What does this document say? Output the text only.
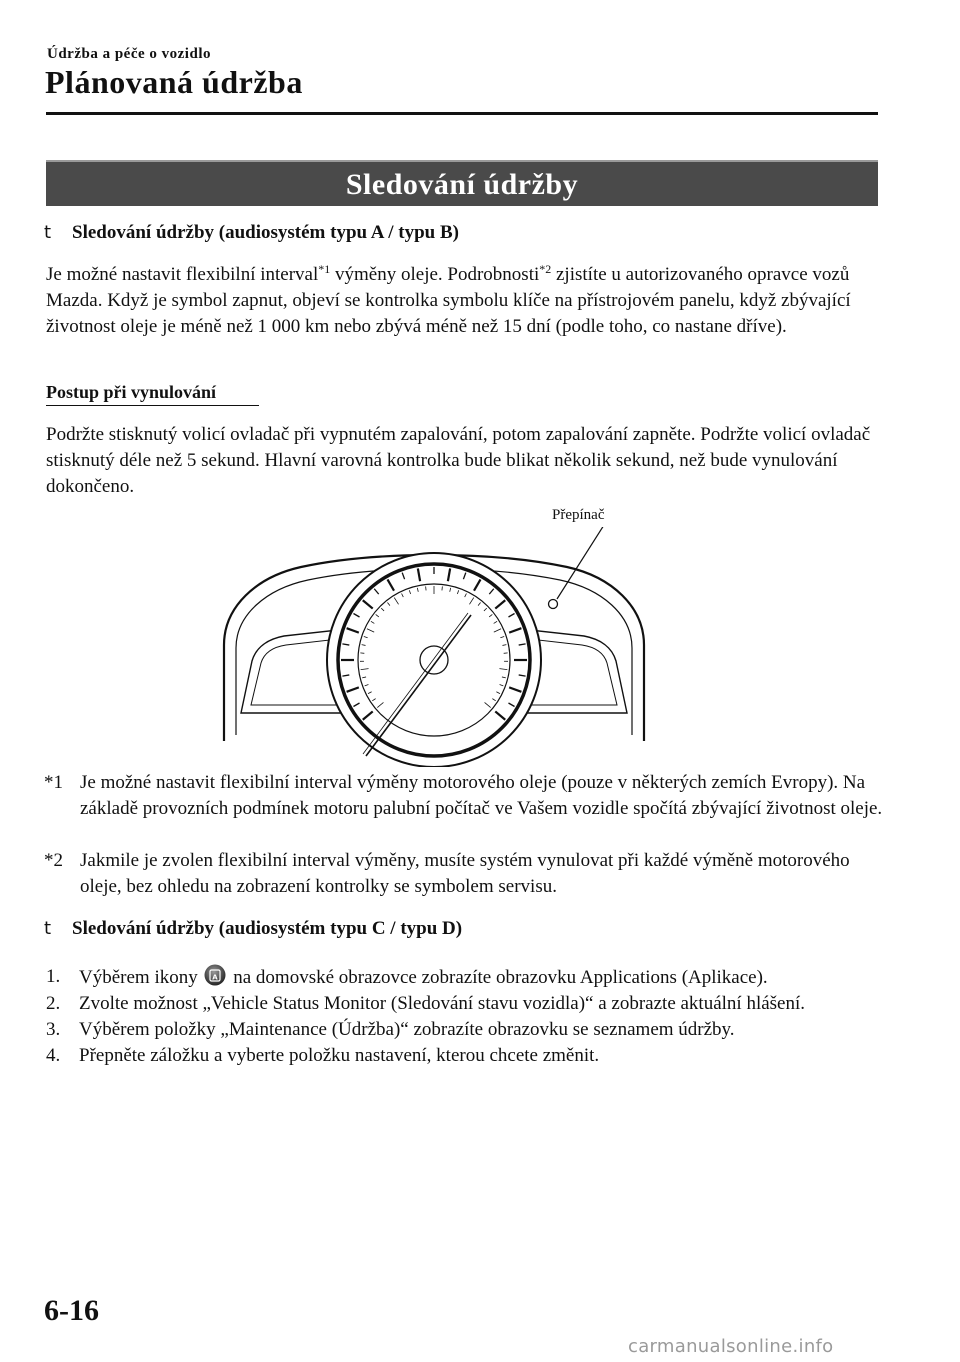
Údržba a péče o vozidlo
Plánovaná údržba
Sledování údržby
t Sledování údržby (audiosystém typu A / typu B)
Je možné nastavit flexibilní interval$^{*1}$ výměny oleje. Podrobnosti$^{*2}$ zjistíte u autorizovaného opravce vozů Mazda. Když je symbol zapnut, objeví se kontrolka symbolu klíče na přístrojovém panelu, když zbývající životnost oleje je méně než 1 000 km nebo zbývá méně než 15 dní (podle toho, co nastane dříve).
Postup při vynulování
Podržte stisknutý volicí ovladač při vypnutém zapalování, potom zapalování zapněte. Podržte volicí ovladač stisknutý déle než 5 sekund. Hlavní varovná kontrolka bude blikat několik sekund, než bude vynulování dokončeno.
Přepínač
*1 Je možné nastavit flexibilní interval výměny motorového oleje (pouze v některých zemích Evropy). Na základě provozních podmínek motoru palubní počítač ve Vašem vozidle spočítá zbývající životnost oleje.
*2 Jakmile je zvolen flexibilní interval výměny, musíte systém vynulovat při každé výměně motorového oleje, bez ohledu na zobrazení kontrolky se symbolem servisu.
t Sledování údržby (audiosystém typu C / typu D)
1. Výběrem ikony A na domovské obrazovce zobrazíte obrazovku Applications (Aplikace).
2. Zvolte možnost „Vehicle Status Monitor (Sledování stavu vozidla)“ a zobrazte aktuální hlášení.
3. Výběrem položky „Maintenance (Údržba)“ zobrazíte obrazovku se seznamem údržby.
4. Přepněte záložku a vyberte položku nastavení, kterou chcete změnit.
6-16
carmanualsonline.info
